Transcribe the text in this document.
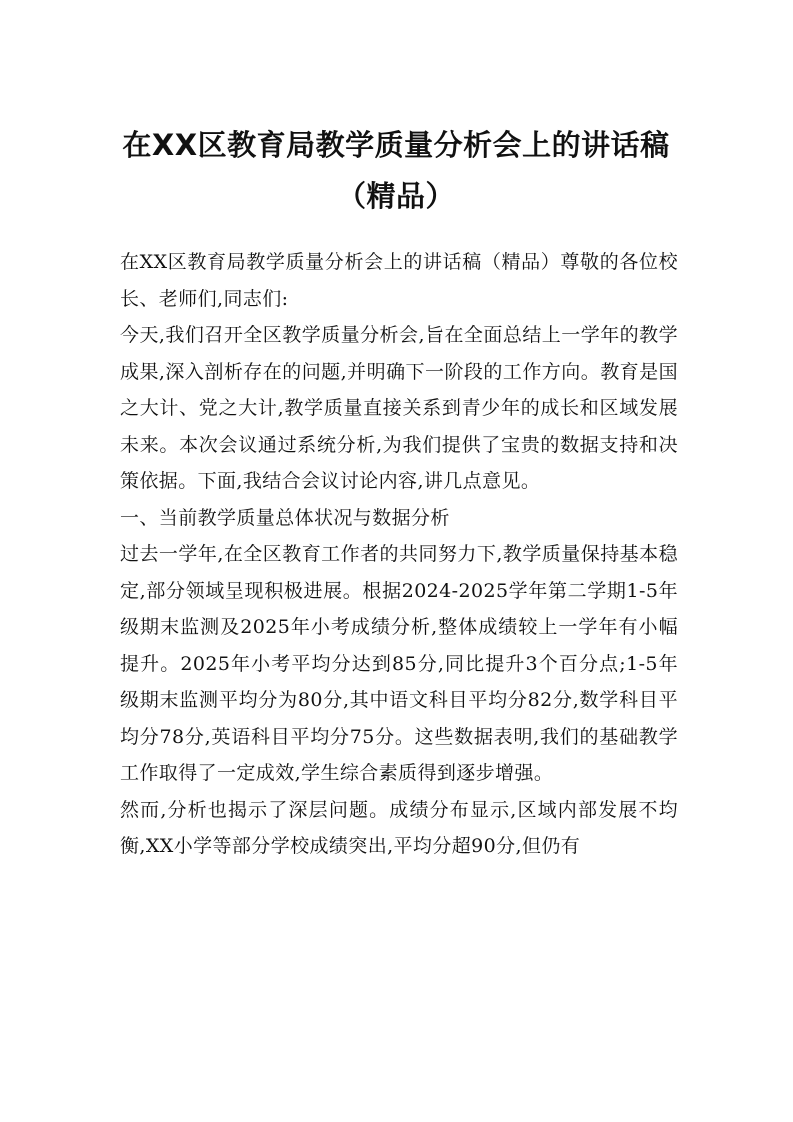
在XX区教育局教学质量分析会上的讲话稿（精品）

在XX区教育局教学质量分析会上的讲话稿（精品）尊敬的各位校长、老师们,同志们:

今天,我们召开全区教学质量分析会,旨在全面总结上一学年的教学成果,深入剖析存在的问题,并明确下一阶段的工作方向。教育是国之大计、党之大计,教学质量直接关系到青少年的成长和区域发展未来。本次会议通过系统分析,为我们提供了宝贵的数据支持和决策依据。下面,我结合会议讨论内容,讲几点意见。

一、当前教学质量总体状况与数据分析

过去一学年,在全区教育工作者的共同努力下,教学质量保持基本稳定,部分领域呈现积极进展。根据2024-2025学年第二学期1-5年级期末监测及2025年小考成绩分析,整体成绩较上一学年有小幅提升。2025年小考平均分达到85分,同比提升3个百分点;1-5年级期末监测平均分为80分,其中语文科目平均分82分,数学科目平均分78分,英语科目平均分75分。这些数据表明,我们的基础教学工作取得了一定成效,学生综合素质得到逐步增强。

然而,分析也揭示了深层问题。成绩分布显示,区域内部发展不均衡,XX小学等部分学校成绩突出,平均分超90分,但仍有
